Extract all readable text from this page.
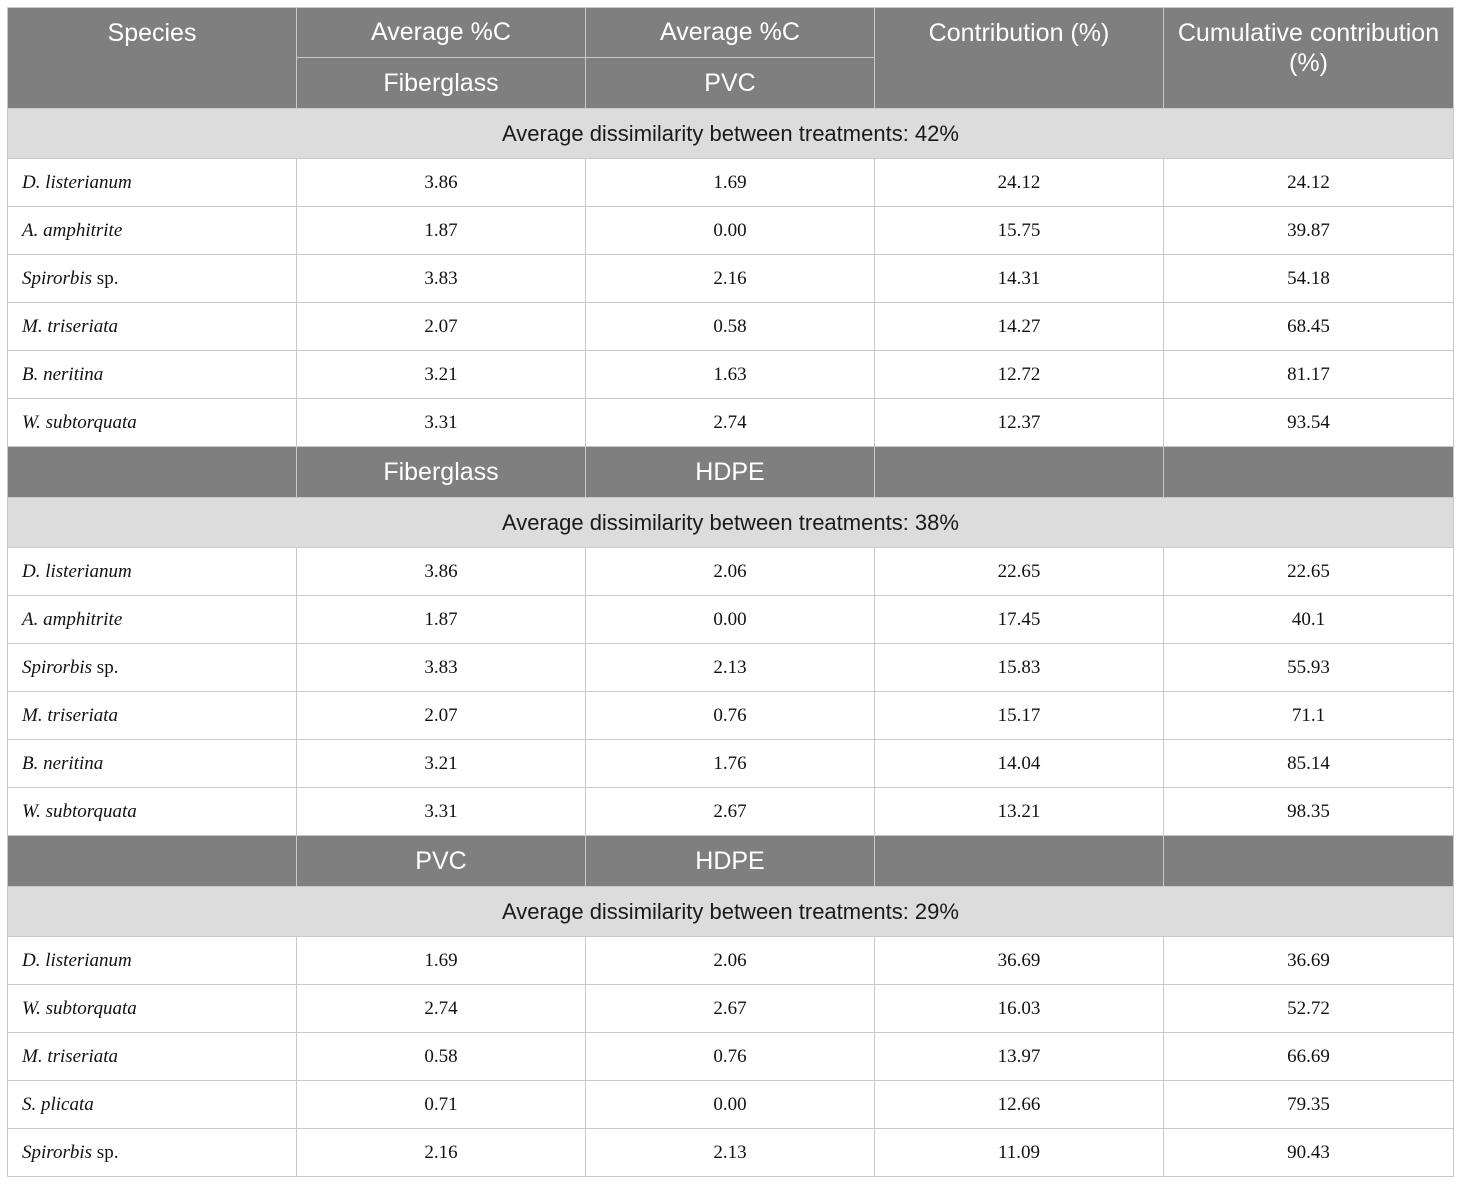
Species	Average %C	Average %C	Contribution (%)	Cumulative contribution (%)
	Fiberglass	PVC		
Average dissimilarity between treatments: 42%				
D. listerianum	3.86	1.69	24.12	24.12
A. amphitrite	1.87	0.00	15.75	39.87
Spirorbis sp.	3.83	2.16	14.31	54.18
M. triseriata	2.07	0.58	14.27	68.45
B. neritina	3.21	1.63	12.72	81.17
W. subtorquata	3.31	2.74	12.37	93.54
	Fiberglass	HDPE		
Average dissimilarity between treatments: 38%				
D. listerianum	3.86	2.06	22.65	22.65
A. amphitrite	1.87	0.00	17.45	40.1
Spirorbis sp.	3.83	2.13	15.83	55.93
M. triseriata	2.07	0.76	15.17	71.1
B. neritina	3.21	1.76	14.04	85.14
W. subtorquata	3.31	2.67	13.21	98.35
	PVC	HDPE		
Average dissimilarity between treatments: 29%				
D. listerianum	1.69	2.06	36.69	36.69
W. subtorquata	2.74	2.67	16.03	52.72
M. triseriata	0.58	0.76	13.97	66.69
S. plicata	0.71	0.00	12.66	79.35
Spirorbis sp.	2.16	2.13	11.09	90.43
